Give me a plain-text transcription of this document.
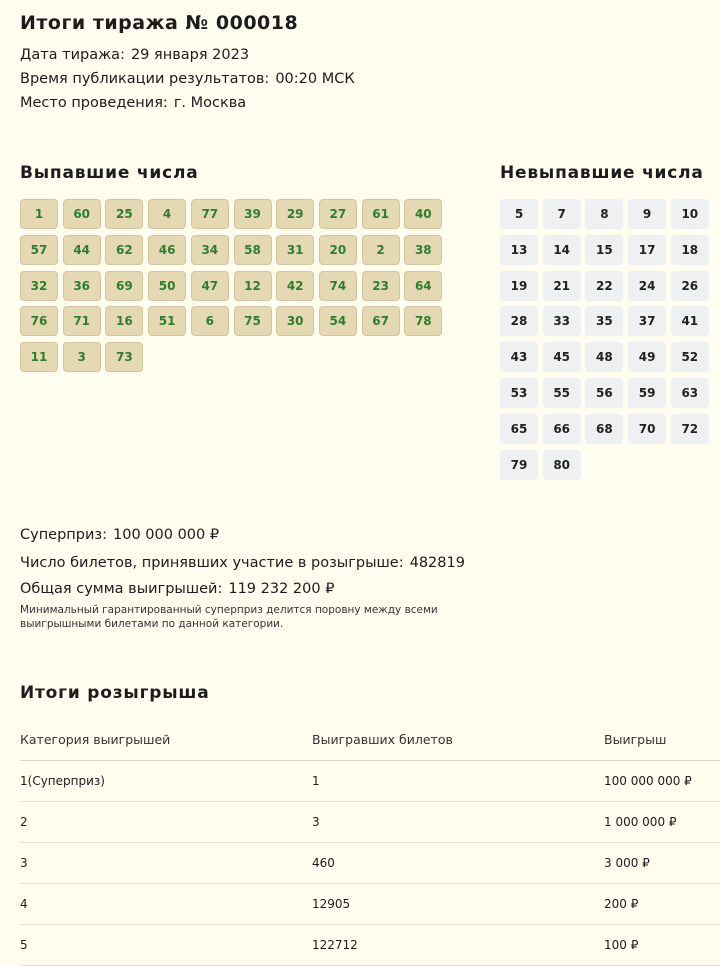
Итоги тиража № 000018
Дата тиража: 29 января 2023
Время публикации результатов: 00:20 МСК
Место проведения: г. Москва
Выпавшие числа
1	60	25	4	77	39	29	27	61	40
57	44	62	46	34	58	31	20	2	38
32	36	69	50	47	12	42	74	23	64
76	71	16	51	6	75	30	54	67	78
11	3	73
Невыпавшие числа
5	7	8	9	10
13	14	15	17	18
19	21	22	24	26
28	33	35	37	41
43	45	48	49	52
53	55	56	59	63
65	66	68	70	72
79	80
Суперприз: 100 000 000 ₽
Число билетов, принявших участие в розыгрыше: 482819
Общая сумма выигрышей: 119 232 200 ₽
Минимальный гарантированный суперприз делится поровну между всеми выигрышными билетами по данной категории.
Итоги розыгрыша
Категория выигрышей	Выигравших билетов	Выигрыш
1(Суперприз)	1	100 000 000 ₽
2	3	1 000 000 ₽
3	460	3 000 ₽
4	12905	200 ₽
5	122712	100 ₽
